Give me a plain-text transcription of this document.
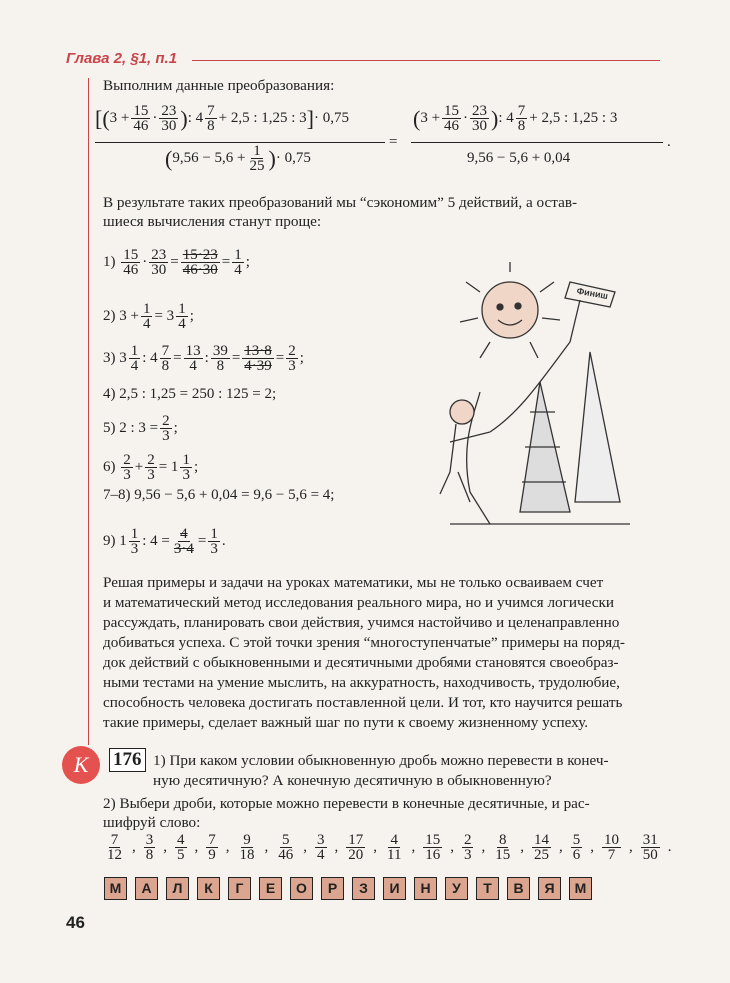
Глава 2, §1, п.1
Выполним данные преобразования:
[( $3 + \frac{15}{46} \cdot \frac{23}{30}$ ) : $4 \frac{7}{8} + 2,5$ : 1,25 : 3 ] · 0,75
( $9,56 - 5,6 + \frac{1}{25}$ ) · 0,75
=
( $3 + \frac{15}{46} \cdot \frac{23}{30}$ ) : $4 \frac{7}{8} + 2,5$ : 1,25 : 3
9,56 − 5,6 + 0,04
.
В результате таких преобразований мы “сэкономим” 5 действий, а остав-
шиеся вычисления станут проще:
$1) \frac{15}{46} \cdot \frac{23}{30} = \frac{15\cdot 23}{46\cdot 30} = \frac{1}{4}$ ;
2) $3 + \frac{1}{4} = 3 \frac{1}{4}$ ;
3) $3 \frac{1}{4}$ : $4 \frac{7}{8} = \frac{13}{4}$ : $\frac{39}{8} = \frac{13\cdot 8}{4\cdot 39} = \frac{2}{3}$ ;
4) 2,5 : 1,25 = 250 : 125 = 2;
5) 2 : $3 = \frac{2}{3}$ ;
$6) \frac{2}{3} + \frac{2}{3} = 1 \frac{1}{3}$ ;
7–8) 9,56 − 5,6 + 0,04 = 9,6 − 5,6 = 4;
9) $1 \frac{1}{3}$ : $4 = \frac{4}{3\cdot 4} = \frac{1}{3}$ .
Финиш
Решая примеры и задачи на уроках математики, мы не только осваиваем счет
и математический метод исследования реального мира, но и учимся логически
рассуждать, планировать свои действия, учимся настойчиво и целенаправленно
добиваться успеха. С этой точки зрения “многоступенчатые” примеры на поряд-
док действий с обыкновенными и десятичными дробями становятся своеобраз-
ными тестами на умение мыслить, на аккуратность, находчивость, трудолюбие,
способность человека достигать поставленной цели. И тот, кто научится решать
такие примеры, сделает важный шаг по пути к своему жизненному успеху.
К	176 1) При каком условии обыкновенную дробь можно перевести в конеч-
ную десятичную? А конечную десятичную в обыкновенную?
2) Выбери дроби, которые можно перевести в конечные десятичные, и рас-
шифруй слово:
$\frac{7}{12}$ , $\frac{3}{8}$ , $\frac{4}{5}$ , $\frac{7}{9}$ , $\frac{9}{18}$ , $\frac{5}{46}$ , $\frac{3}{4}$ , $\frac{17}{20}$ , $\frac{4}{11}$ , $\frac{15}{16}$ , $\frac{2}{3}$ , $\frac{8}{15}$ , $\frac{14}{25}$ , $\frac{5}{6}$ , $\frac{10}{7}$ , $\frac{31}{50}$ .
М	А	Л	К	Г	Е	О	Р	З	И	Н	У	Т	В	Я	М
46
